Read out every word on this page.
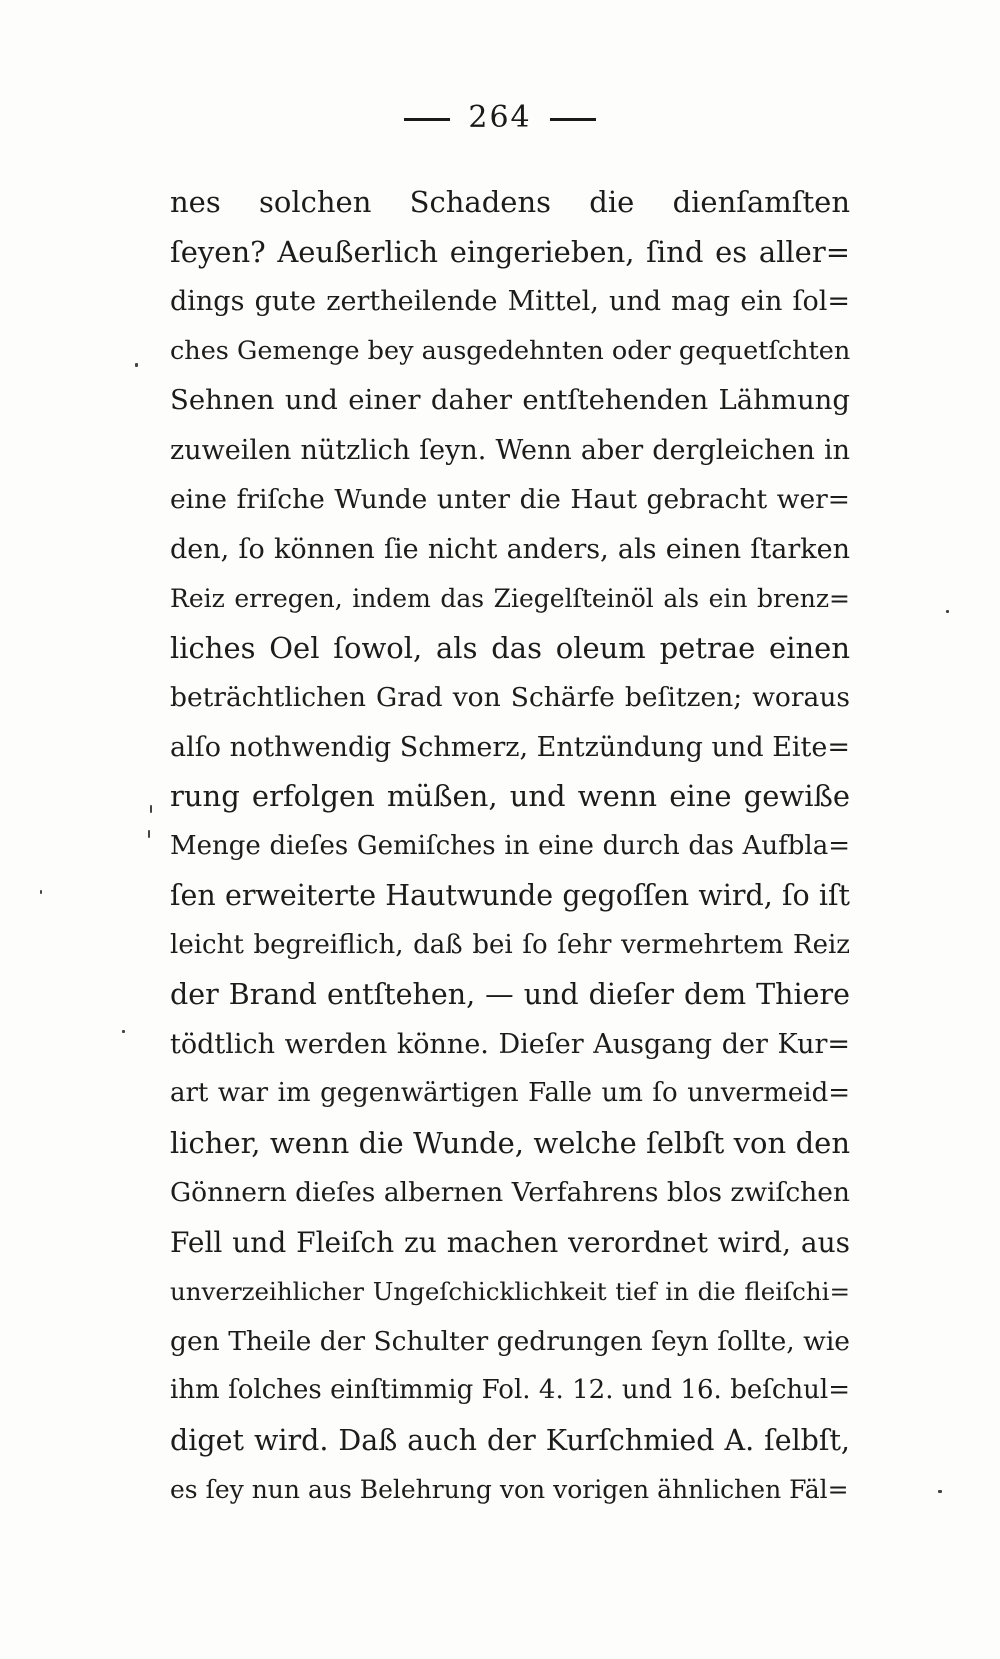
264
nes solchen Schadens die dienſamſten
ſeyen? Aeußerlich eingerieben, ſind es aller=
dings gute zertheilende Mittel, und mag ein ſol=
ches Gemenge bey ausgedehnten oder gequetſchten
Sehnen und einer daher entſtehenden Lähmung
zuweilen nützlich ſeyn. Wenn aber dergleichen in
eine friſche Wunde unter die Haut gebracht wer=
den, ſo können ſie nicht anders, als einen ſtarken
Reiz erregen, indem das Ziegelſteinöl als ein brenz=
liches Oel ſowol, als das oleum petrae einen
beträchtlichen Grad von Schärfe beſitzen; woraus
alſo nothwendig Schmerz, Entzündung und Eite=
rung erfolgen müßen, und wenn eine gewiße
Menge dieſes Gemiſches in eine durch das Aufbla=
ſen erweiterte Hautwunde gegoſſen wird, ſo iſt
leicht begreiflich, daß bei ſo ſehr vermehrtem Reiz
der Brand entſtehen, — und dieſer dem Thiere
tödtlich werden könne. Dieſer Ausgang der Kur=
art war im gegenwärtigen Falle um ſo unvermeid=
licher, wenn die Wunde, welche ſelbſt von den
Gönnern dieſes albernen Verfahrens blos zwiſchen
Fell und Fleiſch zu machen verordnet wird, aus
unverzeihlicher Ungeſchicklichkeit tief in die fleiſchi=
gen Theile der Schulter gedrungen ſeyn ſollte, wie
ihm ſolches einſtimmig Fol. 4. 12. und 16. beſchul=
diget wird. Daß auch der Kurſchmied A. ſelbſt,
es ſey nun aus Belehrung von vorigen ähnlichen Fäl=
